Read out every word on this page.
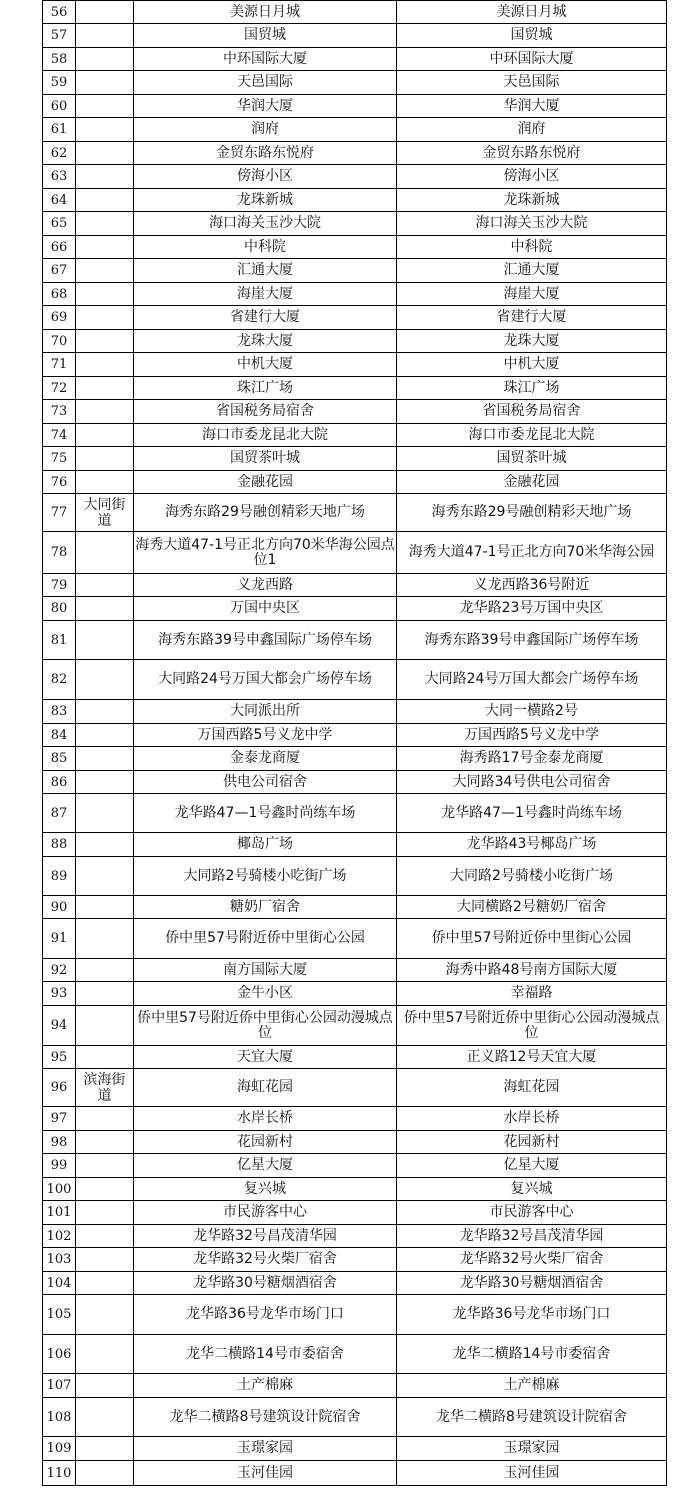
56		美源日月城	美源日月城
57		国贸城	国贸城
58		中环国际大厦	中环国际大厦
59		天邑国际	天邑国际
60		华润大厦	华润大厦
61		润府	润府
62		金贸东路东悦府	金贸东路东悦府
63		傍海小区	傍海小区
64		龙珠新城	龙珠新城
65		海口海关玉沙大院	海口海关玉沙大院
66		中科院	中科院
67		汇通大厦	汇通大厦
68		海崖大厦	海崖大厦
69		省建行大厦	省建行大厦
70		龙珠大厦	龙珠大厦
71		中机大厦	中机大厦
72		珠江广场	珠江广场
73		省国税务局宿舍	省国税务局宿舍
74		海口市委龙昆北大院	海口市委龙昆北大院
75		国贸茶叶城	国贸茶叶城
76		金融花园	金融花园
77	大同街道	海秀东路29号融创精彩天地广场	海秀东路29号融创精彩天地广场
78		海秀大道47-1号正北方向70米华海公园点位1	海秀大道47-1号正北方向70米华海公园
79		义龙西路	义龙西路36号附近
80		万国中央区	龙华路23号万国中央区
81		海秀东路39号申鑫国际广场停车场	海秀东路39号申鑫国际广场停车场
82		大同路24号万国大都会广场停车场	大同路24号万国大都会广场停车场
83		大同派出所	大同一横路2号
84		万国西路5号义龙中学	万国西路5号义龙中学
85		金泰龙商厦	海秀路17号金泰龙商厦
86		供电公司宿舍	大同路34号供电公司宿舍
87		龙华路47—1号鑫时尚练车场	龙华路47—1号鑫时尚练车场
88		椰岛广场	龙华路43号椰岛广场
89		大同路2号骑楼小吃街广场	大同路2号骑楼小吃街广场
90		糖奶厂宿舍	大同横路2号糖奶厂宿舍
91		侨中里57号附近侨中里街心公园	侨中里57号附近侨中里街心公园
92		南方国际大厦	海秀中路48号南方国际大厦
93		金牛小区	幸福路
94		侨中里57号附近侨中里街心公园动漫城点位	侨中里57号附近侨中里街心公园动漫城点位
95		天宜大厦	正义路12号天宜大厦
96	滨海街道	海虹花园	海虹花园
97		水岸长桥	水岸长桥
98		花园新村	花园新村
99		亿星大厦	亿星大厦
100		复兴城	复兴城
101		市民游客中心	市民游客中心
102		龙华路32号昌茂清华园	龙华路32号昌茂清华园
103		龙华路32号火柴厂宿舍	龙华路32号火柴厂宿舍
104		龙华路30号糖烟酒宿舍	龙华路30号糖烟酒宿舍
105		龙华路36号龙华市场门口	龙华路36号龙华市场门口
106		龙华二横路14号市委宿舍	龙华二横路14号市委宿舍
107		土产棉麻	土产棉麻
108		龙华二横路8号建筑设计院宿舍	龙华二横路8号建筑设计院宿舍
109		玉璟家园	玉璟家园
110		玉河佳园	玉河佳园
